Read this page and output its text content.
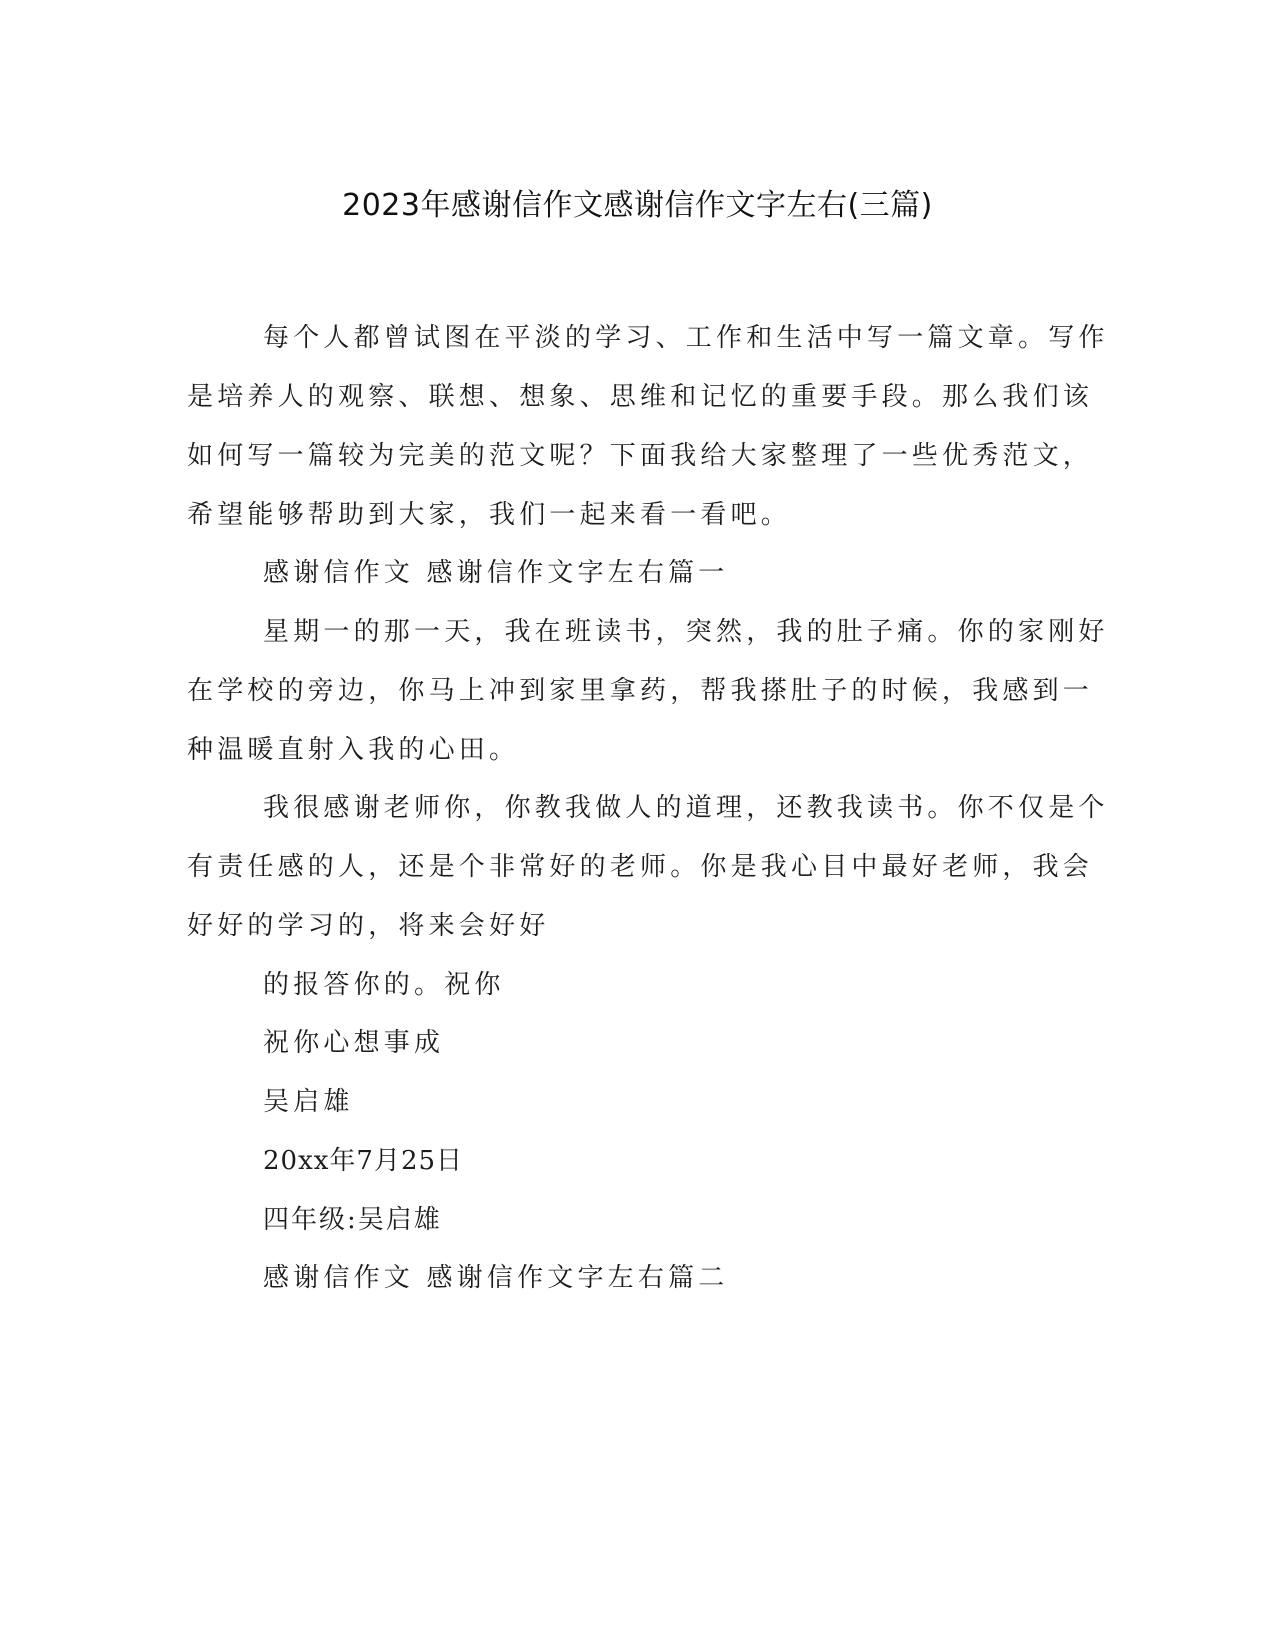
2023年感谢信作文感谢信作文字左右(三篇)

每个人都曾试图在平淡的学习、工作和生活中写一篇文章。写作

是培养人的观察、联想、想象、思维和记忆的重要手段。那么我们该

如何写一篇较为完美的范文呢？下面我给大家整理了一些优秀范文，

希望能够帮助到大家，我们一起来看一看吧。

感谢信作文 感谢信作文字左右篇一

星期一的那一天，我在班读书，突然，我的肚子痛。你的家刚好

在学校的旁边，你马上冲到家里拿药，帮我搽肚子的时候，我感到一

种温暖直射入我的心田。

我很感谢老师你，你教我做人的道理，还教我读书。你不仅是个

有责任感的人，还是个非常好的老师。你是我心目中最好老师，我会

好好的学习的，将来会好好

的报答你的。祝你

祝你心想事成

吴启雄

20xx年7月25日

四年级:吴启雄

感谢信作文 感谢信作文字左右篇二
